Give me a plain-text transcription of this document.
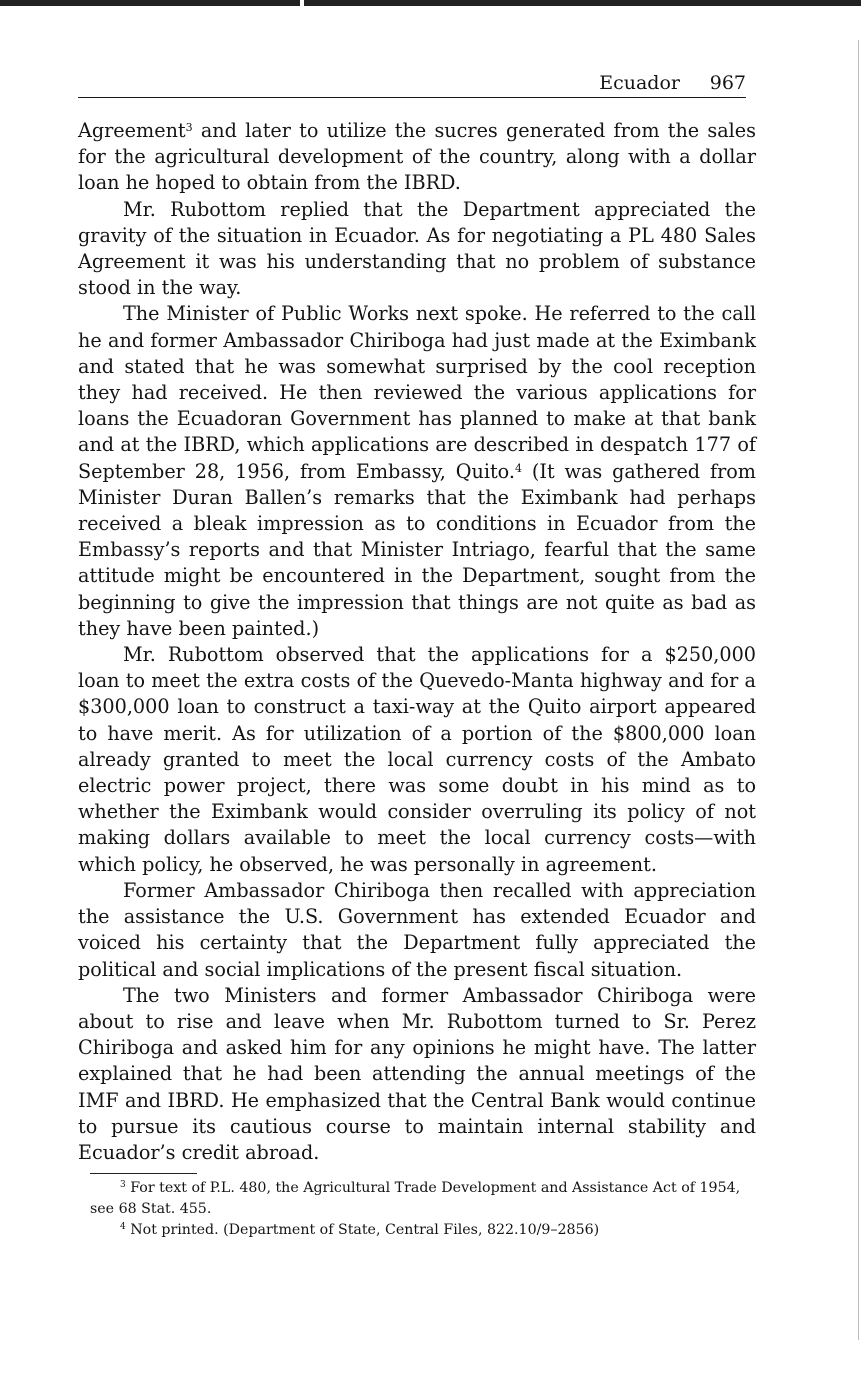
Ecuador 967

Agreement$^3$ and later to utilize the sucres generated from the sales for the agricultural development of the country, along with a dollar loan he hoped to obtain from the IBRD.

Mr. Rubottom replied that the Department appreciated the gravity of the situation in Ecuador. As for negotiating a PL 480 Sales Agreement it was his understanding that no problem of substance stood in the way.

The Minister of Public Works next spoke. He referred to the call he and former Ambassador Chiriboga had just made at the Eximbank and stated that he was somewhat surprised by the cool reception they had received. He then reviewed the various applications for loans the Ecuadoran Government has planned to make at that bank and at the IBRD, which applications are described in despatch 177 of September 28, 1956, from Embassy, Quito.$^4$ (It was gathered from Minister Duran Ballen’s remarks that the Eximbank had perhaps received a bleak impression as to conditions in Ecuador from the Embassy’s reports and that Minister Intriago, fearful that the same attitude might be encountered in the Department, sought from the beginning to give the impression that things are not quite as bad as they have been painted.)

Mr. Rubottom observed that the applications for a $250,000 loan to meet the extra costs of the Quevedo-Manta highway and for a $300,000 loan to construct a taxi-way at the Quito airport appeared to have merit. As for utilization of a portion of the $800,000 loan already granted to meet the local currency costs of the Ambato electric power project, there was some doubt in his mind as to whether the Eximbank would consider overruling its policy of not making dollars available to meet the local currency costs—with which policy, he observed, he was personally in agreement.

Former Ambassador Chiriboga then recalled with appreciation the assistance the U.S. Government has extended Ecuador and voiced his certainty that the Department fully appreciated the political and social implications of the present fiscal situation.

The two Ministers and former Ambassador Chiriboga were about to rise and leave when Mr. Rubottom turned to Sr. Perez Chiriboga and asked him for any opinions he might have. The latter explained that he had been attending the annual meetings of the IMF and IBRD. He emphasized that the Central Bank would continue to pursue its cautious course to maintain internal stability and Ecuador’s credit abroad.

$^3$ For text of P.L. 480, the Agricultural Trade Development and Assistance Act of 1954, see 68 Stat. 455.

$^4$ Not printed. (Department of State, Central Files, 822.10/9–2856)
